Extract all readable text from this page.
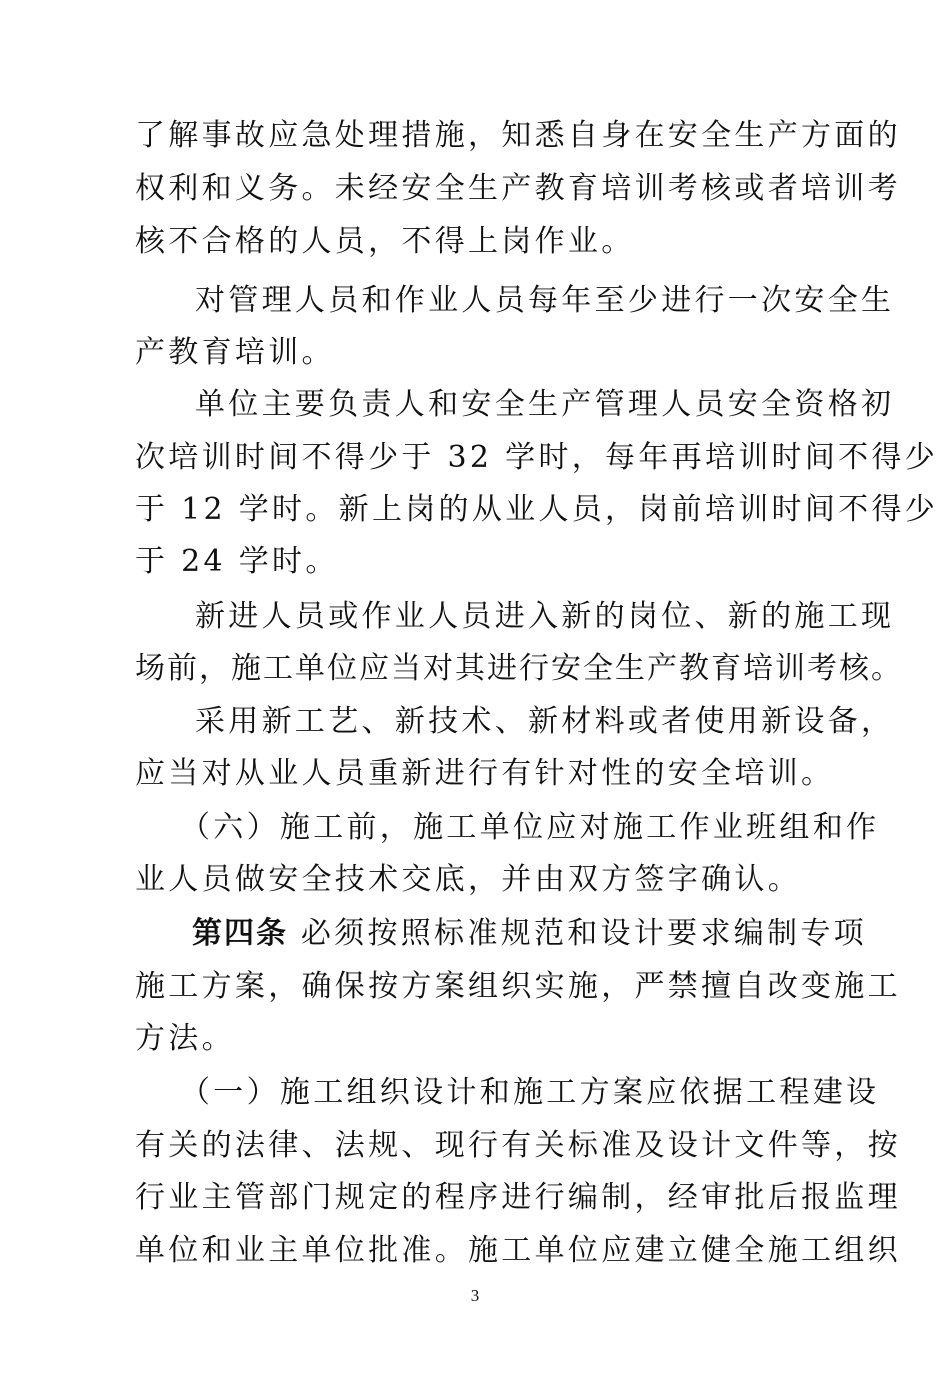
了解事故应急处理措施，知悉自身在安全生产方面的
权利和义务。未经安全生产教育培训考核或者培训考
核不合格的人员，不得上岗作业。
对管理人员和作业人员每年至少进行一次安全生
产教育培训。
单位主要负责人和安全生产管理人员安全资格初
次培训时间不得少于 32 学时，每年再培训时间不得少
于 12 学时。新上岗的从业人员，岗前培训时间不得少
于 24 学时。
新进人员或作业人员进入新的岗位、新的施工现
场前，施工单位应当对其进行安全生产教育培训考核。
采用新工艺、新技术、新材料或者使用新设备，
应当对从业人员重新进行有针对性的安全培训。
（六）施工前，施工单位应对施工作业班组和作
业人员做安全技术交底，并由双方签字确认。
第四条 必须按照标准规范和设计要求编制专项
施工方案，确保按方案组织实施，严禁擅自改变施工
方法。
（一）施工组织设计和施工方案应依据工程建设
有关的法律、法规、现行有关标准及设计文件等，按
行业主管部门规定的程序进行编制，经审批后报监理
单位和业主单位批准。施工单位应建立健全施工组织
3
